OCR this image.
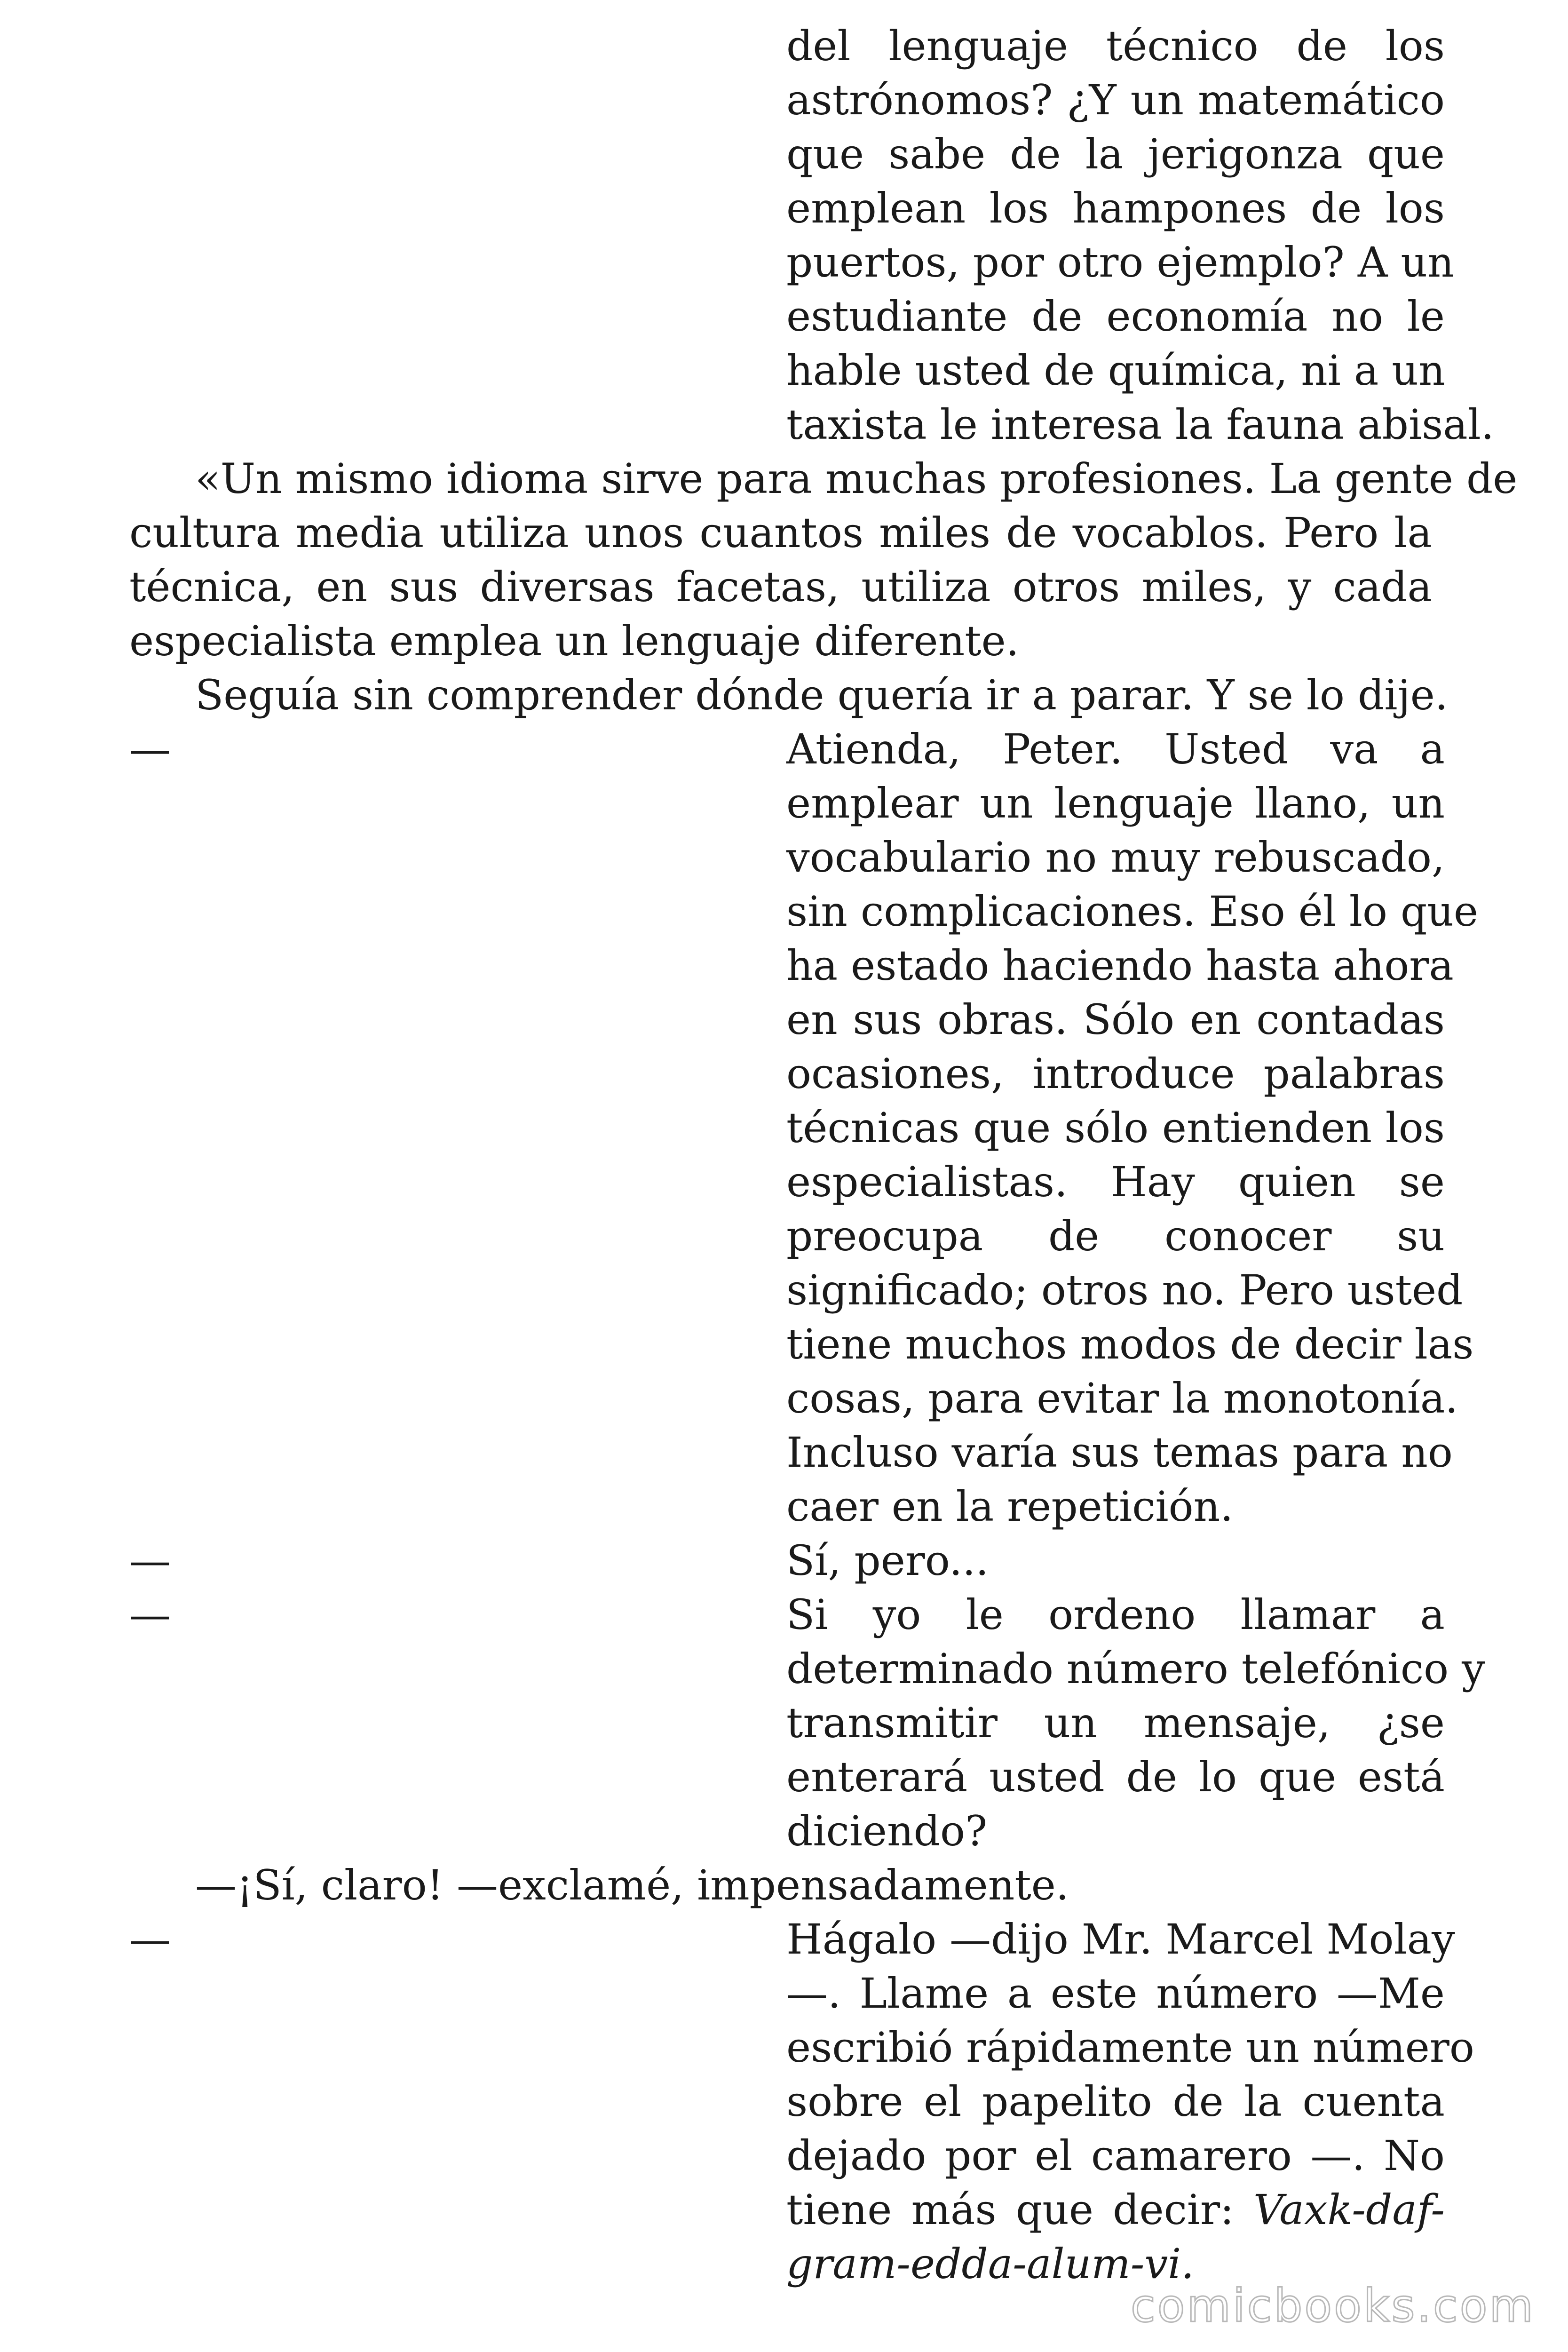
del lenguaje técnico de los
astrónomos? ¿Y un matemático
que sabe de la jerigonza que
emplean los hampones de los
puertos, por otro ejemplo? A un
estudiante de economía no le
hable usted de química, ni a un
taxista le interesa la fauna abisal.
«Un mismo idioma sirve para muchas profesiones. La gente de
cultura media utiliza unos cuantos miles de vocablos. Pero la
técnica, en sus diversas facetas, utiliza otros miles, y cada
especialista emplea un lenguaje diferente.
Seguía sin comprender dónde quería ir a parar. Y se lo dije.
—	Atienda, Peter. Usted va a
emplear un lenguaje llano, un
vocabulario no muy rebuscado,
sin complicaciones. Eso él lo que
ha estado haciendo hasta ahora
en sus obras. Sólo en contadas
ocasiones, introduce palabras
técnicas que sólo entienden los
especialistas. Hay quien se
preocupa de conocer su
significado; otros no. Pero usted
tiene muchos modos de decir las
cosas, para evitar la monotonía.
Incluso varía sus temas para no
caer en la repetición.
—	Sí, pero...
—	Si yo le ordeno llamar a
determinado número telefónico y
transmitir un mensaje, ¿se
enterará usted de lo que está
diciendo?
—¡Sí, claro! —exclamé, impensadamente.
—	Hágalo —dijo Mr. Marcel Molay
—. Llame a este número —Me
escribió rápidamente un número
sobre el papelito de la cuenta
dejado por el camarero —. No
tiene más que decir: Vaxk-daf-
gram-edda-alum-vi.
comicbooks.com
